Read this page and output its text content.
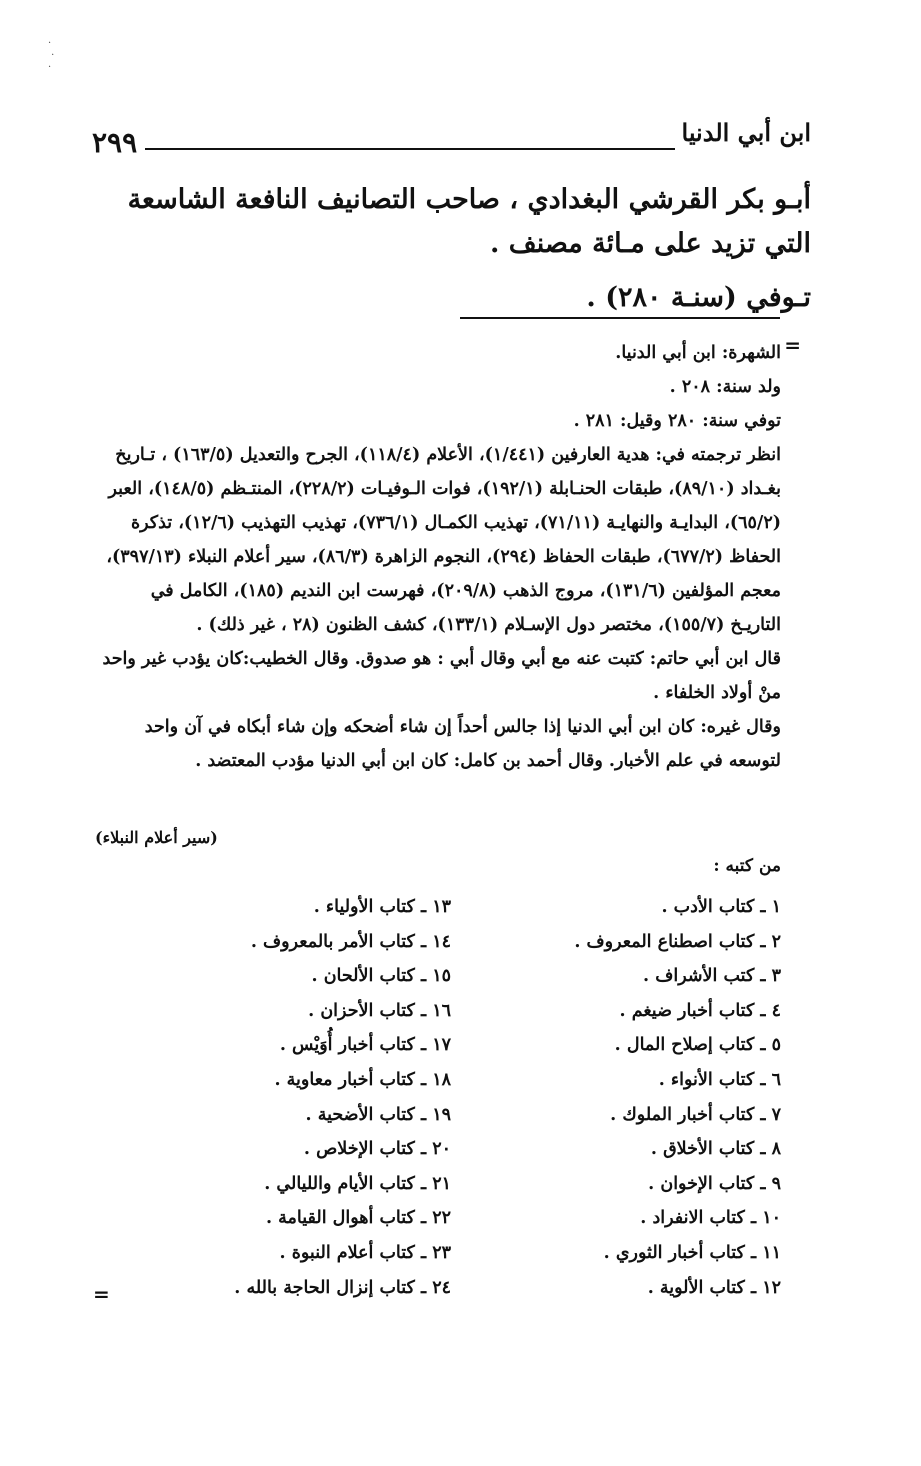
·
·
·
ابن أبي الدنيا
٢٩٩

أبـو بكر القرشي البغدادي ، صاحب التصانيف النافعة الشاسعة التي تزيد على مـائة مصنف .

تـوفي (سنـة ٢٨٠) .

=

الشهرة: ابن أبي الدنيا.

ولد سنة: ٢٠٨ .

توفي سنة: ٢٨٠ وقيل: ٢٨١ .

انظر ترجمته في: هدية العارفين (١/٤٤١)، الأعلام (١١٨/٤)، الجرح والتعديل (١٦٣/٥) ، تـاريخ بغـداد (٨٩/١٠)، طبقات الحنـابلة (١٩٢/١)، فوات الـوفيـات (٢٢٨/٢)، المنتـظم (١٤٨/٥)، العبر (٦٥/٢)، البدايـة والنهايـة (٧١/١١)، تهذيب الكمـال (٧٣٦/١)، تهذيب التهذيب (١٢/٦)، تذكرة الحفاظ (٦٧٧/٢)، طبقات الحفاظ (٢٩٤)، النجوم الزاهرة (٨٦/٣)، سير أعلام النبلاء (٣٩٧/١٣)، معجم المؤلفين (١٣١/٦)، مروج الذهب (٢٠٩/٨)، فهرست ابن النديم (١٨٥)، الكامل في التاريـخ (١٥٥/٧)، مختصر دول الإسـلام (١٣٣/١)، كشف الظنون (٢٨ ، غير ذلك) .

قال ابن أبي حاتم: كتبت عنه مع أبي وقال أبي : هو صدوق. وقال الخطيب:كان يؤدب غير واحد منْ أولاد الخلفاء .

وقال غيره: كان ابن أبي الدنيا إذا جالس أحداً إن شاء أضحكه وإن شاء أبكاه في آن واحد لتوسعه في علم الأخبار. وقال أحمد بن كامل: كان ابن أبي الدنيا مؤدب المعتضد .

(سير أعلام النبلاء)
من كتبه :
١ ـ كتاب الأدب .
٢ ـ كتاب اصطناع المعروف .
٣ ـ كتب الأشراف .
٤ ـ كتاب أخبار ضيغم .
٥ ـ كتاب إصلاح المال .
٦ ـ كتاب الأنواء .
٧ ـ كتاب أخبار الملوك .
٨ ـ كتاب الأخلاق .
٩ ـ كتاب الإخوان .
١٠ ـ كتاب الانفراد .
١١ ـ كتاب أخبار الثوري .
١٢ ـ كتاب الألوية .
١٣ ـ كتاب الأولياء .
١٤ ـ كتاب الأمر بالمعروف .
١٥ ـ كتاب الألحان .
١٦ ـ كتاب الأحزان .
١٧ ـ كتاب أخبار أُوَيْس .
١٨ ـ كتاب أخبار معاوية .
١٩ ـ كتاب الأضحية .
٢٠ ـ كتاب الإخلاص .
٢١ ـ كتاب الأيام والليالي .
٢٢ ـ كتاب أهوال القيامة .
٢٣ ـ كتاب أعلام النبوة .
٢٤ ـ كتاب إنزال الحاجة بالله .
=
